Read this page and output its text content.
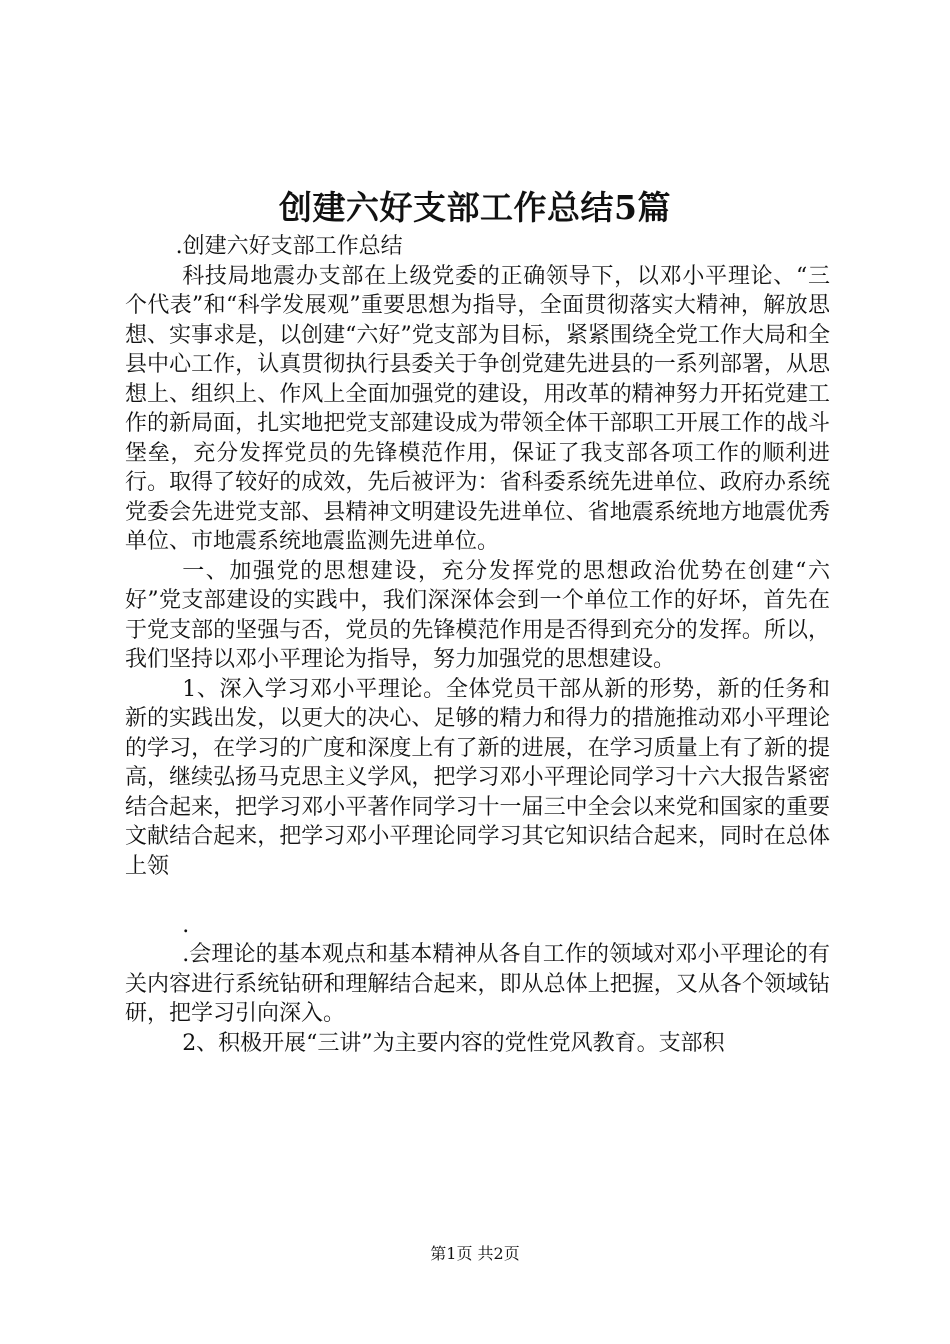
创建六好支部工作总结5篇

.创建六好支部工作总结

科技局地震办支部在上级党委的正确领导下，以邓小平理论、“三个代表”和“科学发展观”重要思想为指导，全面贯彻落实大精神，解放思想、实事求是，以创建“六好”党支部为目标，紧紧围绕全党工作大局和全县中心工作，认真贯彻执行县委关于争创党建先进县的一系列部署，从思想上、组织上、作风上全面加强党的建设，用改革的精神努力开拓党建工作的新局面，扎实地把党支部建设成为带领全体干部职工开展工作的战斗堡垒，充分发挥党员的先锋模范作用，保证了我支部各项工作的顺利进行。取得了较好的成效，先后被评为：省科委系统先进单位、政府办系统党委会先进党支部、县精神文明建设先进单位、省地震系统地方地震优秀单位、市地震系统地震监测先进单位。

一、加强党的思想建设，充分发挥党的思想政治优势在创建“六好”党支部建设的实践中，我们深深体会到一个单位工作的好坏，首先在于党支部的坚强与否，党员的先锋模范作用是否得到充分的发挥。所以，我们坚持以邓小平理论为指导，努力加强党的思想建设。

1、深入学习邓小平理论。全体党员干部从新的形势，新的任务和新的实践出发，以更大的决心、足够的精力和得力的措施推动邓小平理论的学习，在学习的广度和深度上有了新的进展，在学习质量上有了新的提高，继续弘扬马克思主义学风，把学习邓小平理论同学习十六大报告紧密结合起来，把学习邓小平著作同学习十一届三中全会以来党和国家的重要文献结合起来，把学习邓小平理论同学习其它知识结合起来，同时在总体上领

.

.会理论的基本观点和基本精神从各自工作的领域对邓小平理论的有关内容进行系统钻研和理解结合起来，即从总体上把握，又从各个领域钻研，把学习引向深入。

2、积极开展“三讲”为主要内容的党性党风教育。支部积

第1页 共2页
